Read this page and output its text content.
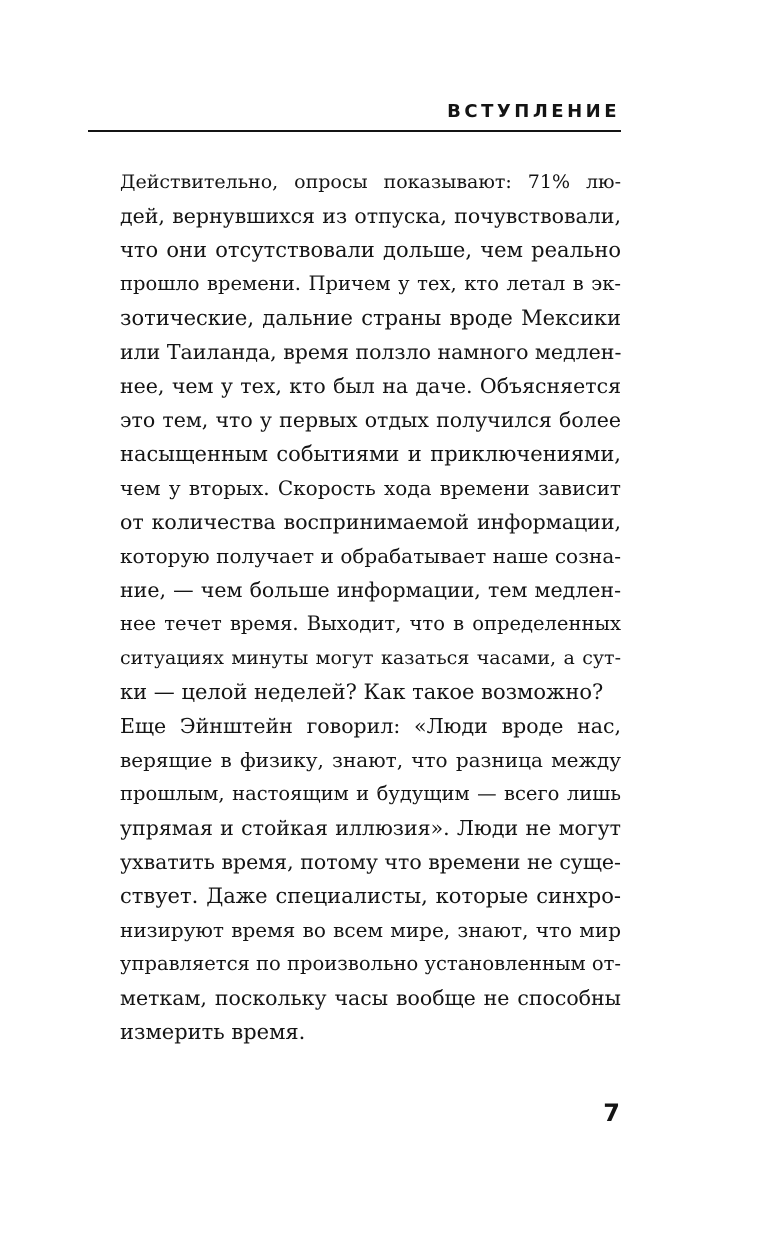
ВСТУПЛЕНИЕ

Действительно, опросы показывают: 71% лю-
дей, вернувшихся из отпуска, почувствовали,
что они отсутствовали дольше, чем реально
прошло времени. Причем у тех, кто летал в эк-
зотические, дальние страны вроде Мексики
или Таиланда, время ползло намного медлен-
нее, чем у тех, кто был на даче. Объясняется
это тем, что у первых отдых получился более
насыщенным событиями и приключениями,
чем у вторых. Скорость хода времени зависит
от количества воспринимаемой информации,
которую получает и обрабатывает наше созна-
ние, — чем больше информации, тем медлен-
нее течет время. Выходит, что в определенных
ситуациях минуты могут казаться часами, а сут-
ки — целой неделей? Как такое возможно?

Еще Эйнштейн говорил: «Люди вроде нас,
верящие в физику, знают, что разница между
прошлым, настоящим и будущим — всего лишь
упрямая и стойкая иллюзия». Люди не могут
ухватить время, потому что времени не суще-
ствует. Даже специалисты, которые синхро-
низируют время во всем мире, знают, что мир
управляется по произвольно установленным от-
меткам, поскольку часы вообще не способны
измерить время.

7
